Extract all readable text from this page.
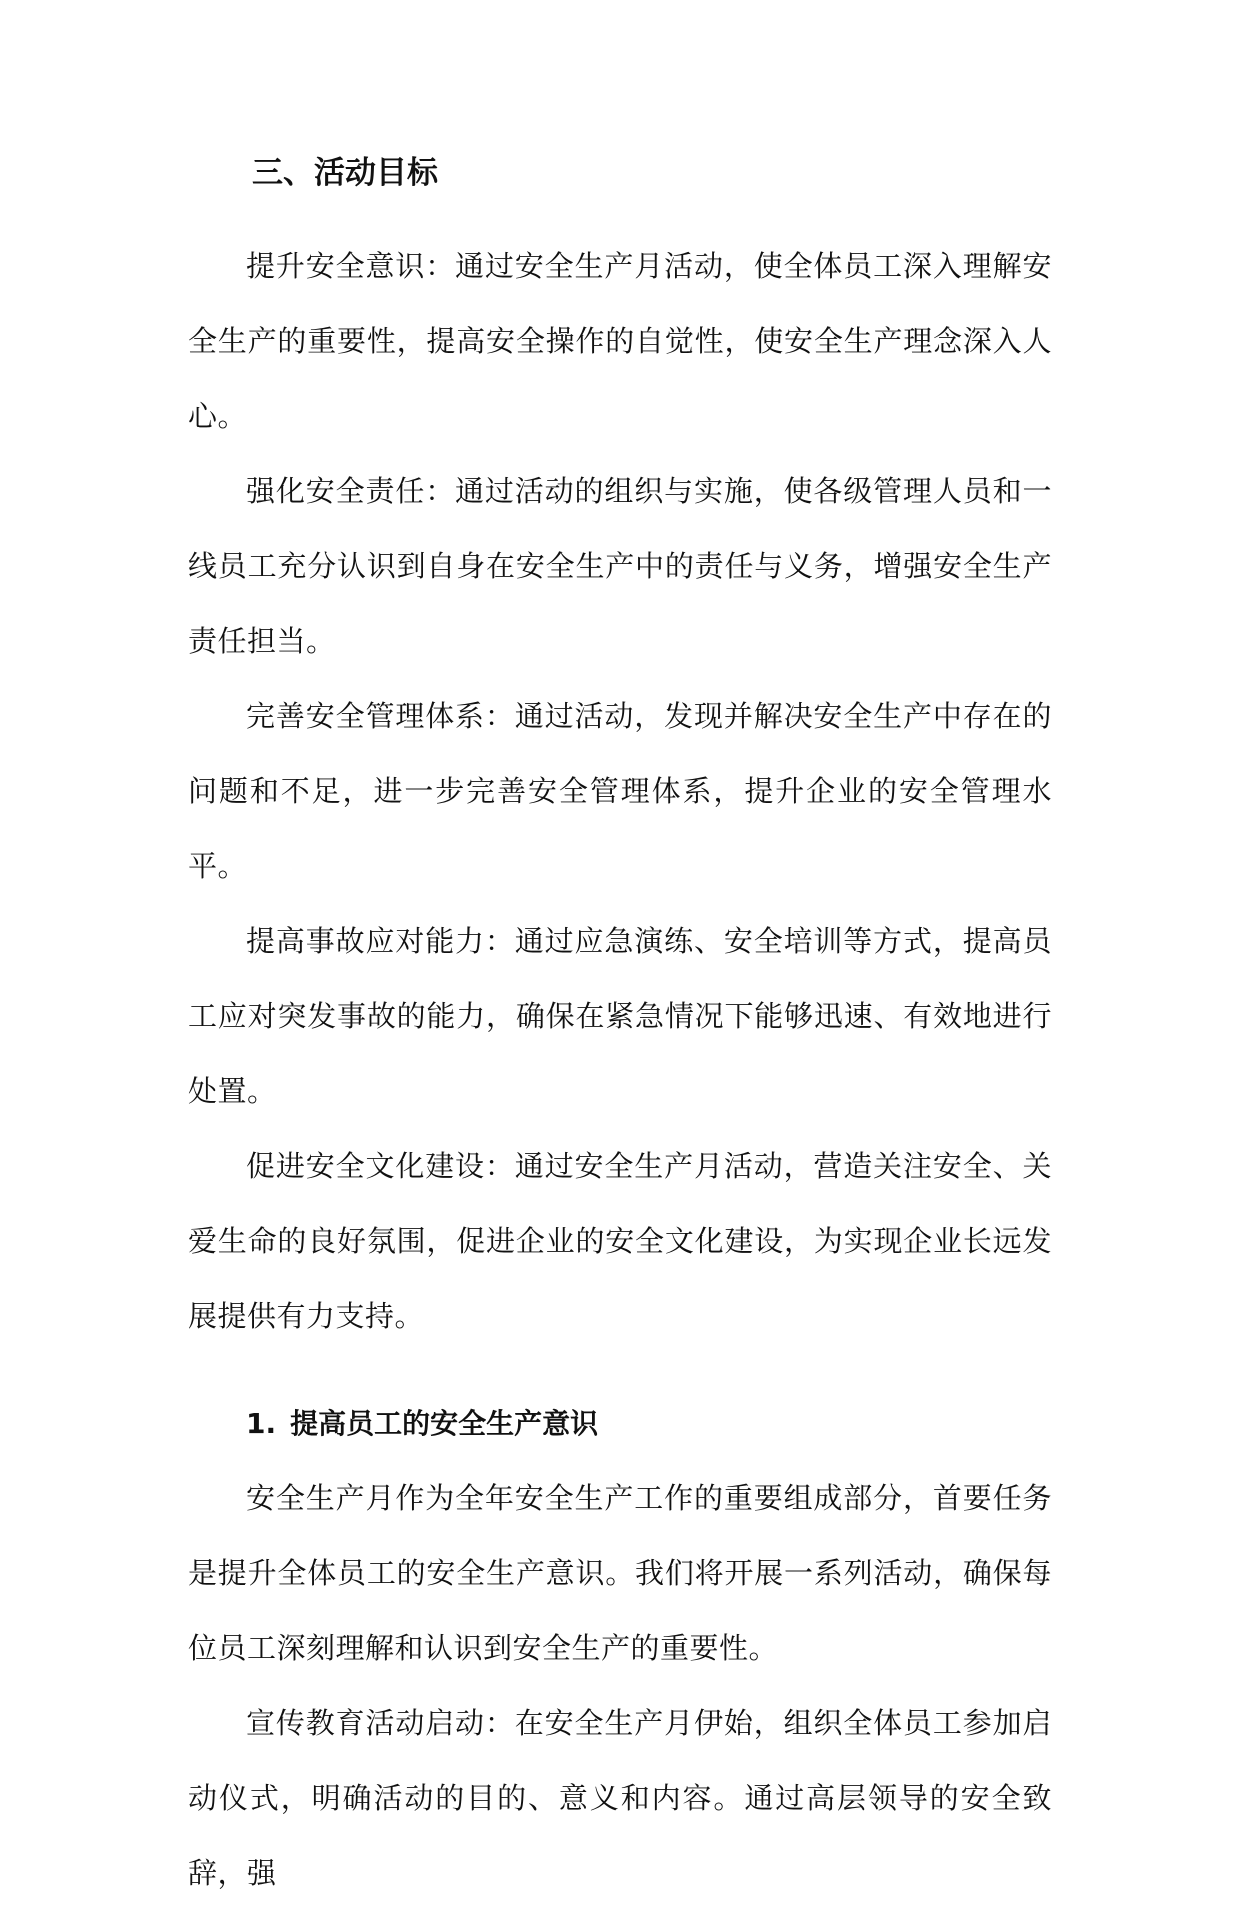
三、活动目标

提升安全意识：通过安全生产月活动，使全体员工深入理解安全生产的重要性，提高安全操作的自觉性，使安全生产理念深入人心。

强化安全责任：通过活动的组织与实施，使各级管理人员和一线员工充分认识到自身在安全生产中的责任与义务，增强安全生产责任担当。

完善安全管理体系：通过活动，发现并解决安全生产中存在的问题和不足，进一步完善安全管理体系，提升企业的安全管理水平。

提高事故应对能力：通过应急演练、安全培训等方式，提高员工应对突发事故的能力，确保在紧急情况下能够迅速、有效地进行处置。

促进安全文化建设：通过安全生产月活动，营造关注安全、关爱生命的良好氛围，促进企业的安全文化建设，为实现企业长远发展提供有力支持。

1. 提高员工的安全生产意识

安全生产月作为全年安全生产工作的重要组成部分，首要任务是提升全体员工的安全生产意识。我们将开展一系列活动，确保每位员工深刻理解和认识到安全生产的重要性。

宣传教育活动启动：在安全生产月伊始，组织全体员工参加启动仪式，明确活动的目的、意义和内容。通过高层领导的安全致辞，强
